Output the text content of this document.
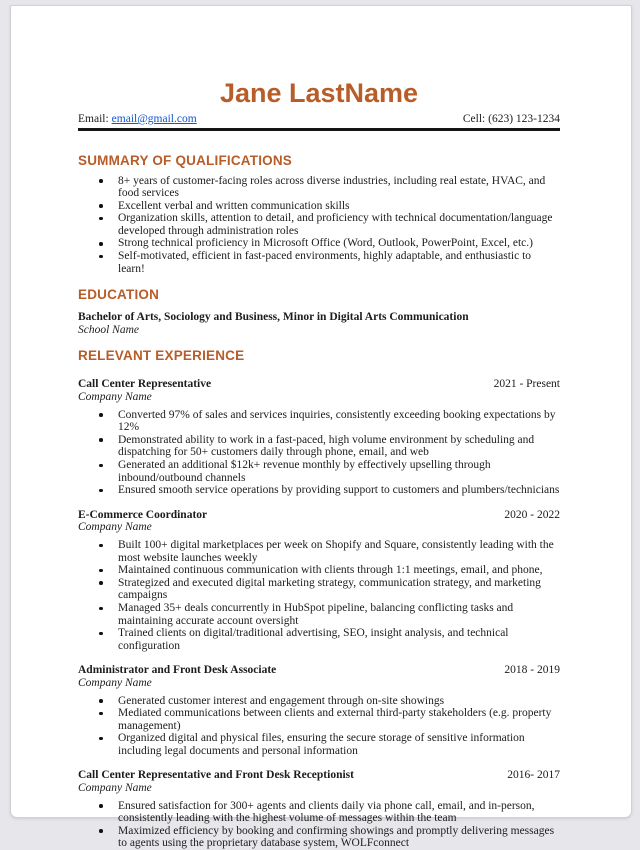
Jane LastName
Email: email@gmail.com	Cell: (623) 123-1234
SUMMARY OF QUALIFICATIONS
8+ years of customer-facing roles across diverse industries, including real estate, HVAC, and food services
Excellent verbal and written communication skills
Organization skills, attention to detail, and proficiency with technical documentation/language developed through administration roles
Strong technical proficiency in Microsoft Office (Word, Outlook, PowerPoint, Excel, etc.)
Self-motivated, efficient in fast-paced environments, highly adaptable, and enthusiastic to learn!
EDUCATION
Bachelor of Arts, Sociology and Business, Minor in Digital Arts Communication
School Name
RELEVANT EXPERIENCE
Call Center Representative	2021 - Present
Company Name
Converted 97% of sales and services inquiries, consistently exceeding booking expectations by 12%
Demonstrated ability to work in a fast-paced, high volume environment by scheduling and dispatching for 50+ customers daily through phone, email, and web
Generated an additional $12k+ revenue monthly by effectively upselling through inbound/outbound channels
Ensured smooth service operations by providing support to customers and plumbers/technicians
E-Commerce Coordinator	2020 - 2022
Company Name
Built 100+ digital marketplaces per week on Shopify and Square, consistently leading with the most website launches weekly
Maintained continuous communication with clients through 1:1 meetings, email, and phone,
Strategized and executed digital marketing strategy, communication strategy, and marketing campaigns
Managed 35+ deals concurrently in HubSpot pipeline, balancing conflicting tasks and maintaining accurate account oversight
Trained clients on digital/traditional advertising, SEO, insight analysis, and technical configuration
Administrator and Front Desk Associate	2018 - 2019
Company Name
Generated customer interest and engagement through on-site showings
Mediated communications between clients and external third-party stakeholders (e.g. property management)
Organized digital and physical files, ensuring the secure storage of sensitive information including legal documents and personal information
Call Center Representative and Front Desk Receptionist	2016- 2017
Company Name
Ensured satisfaction for 300+ agents and clients daily via phone call, email, and in-person, consistently leading with the highest volume of messages within the team
Maximized efficiency by booking and confirming showings and promptly delivering messages to agents using the proprietary database system, WOLFconnect
